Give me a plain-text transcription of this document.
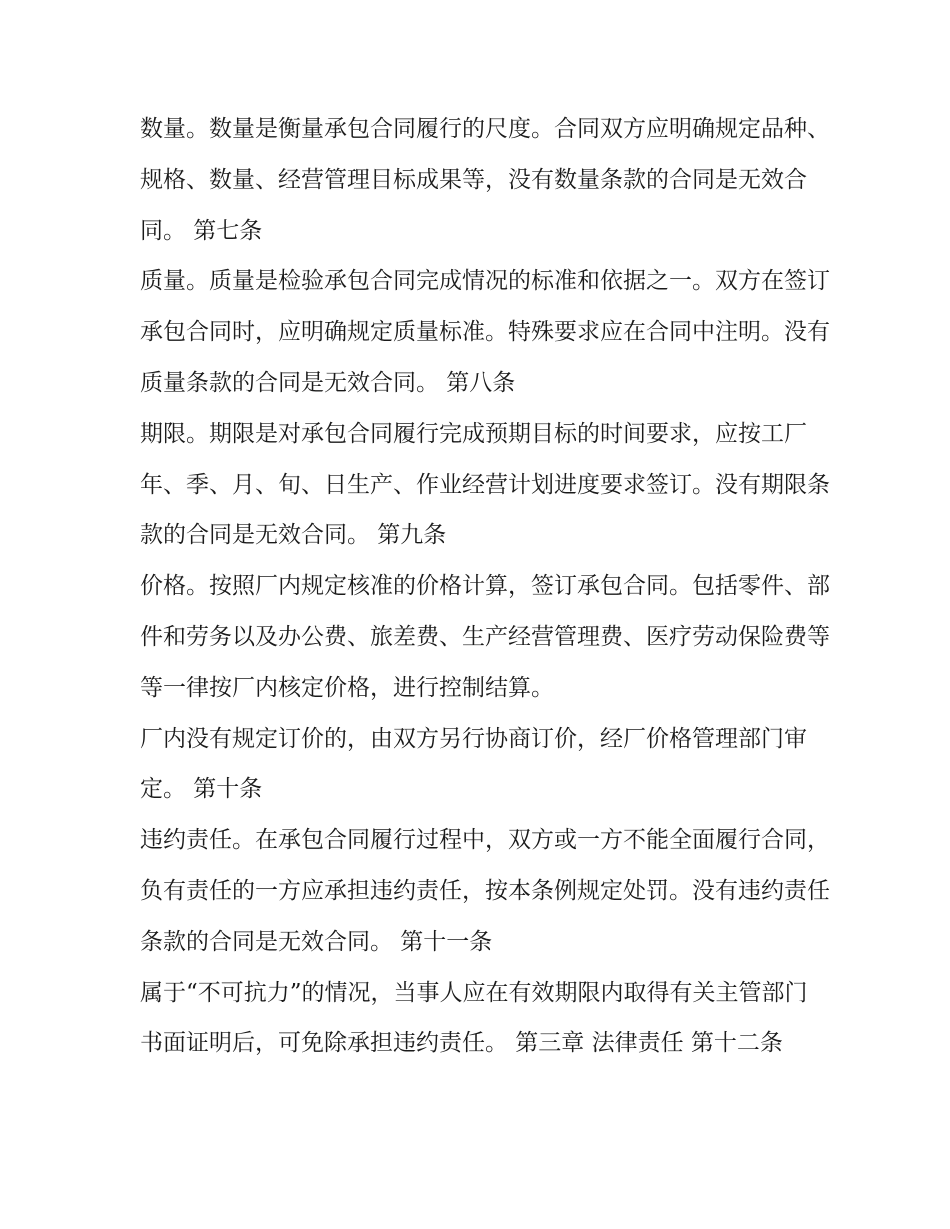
数量。数量是衡量承包合同履行的尺度。合同双方应明确规定品种、规格、数量、经营管理目标成果等，没有数量条款的合同是无效合同。 第七条

质量。质量是检验承包合同完成情况的标准和依据之一。双方在签订承包合同时，应明确规定质量标准。特殊要求应在合同中注明。没有质量条款的合同是无效合同。 第八条

期限。期限是对承包合同履行完成预期目标的时间要求，应按工厂年、季、月、旬、日生产、作业经营计划进度要求签订。没有期限条款的合同是无效合同。 第九条

价格。按照厂内规定核准的价格计算，签订承包合同。包括零件、部件和劳务以及办公费、旅差费、生产经营管理费、医疗劳动保险费等等一律按厂内核定价格，进行控制结算。

厂内没有规定订价的，由双方另行协商订价，经厂价格管理部门审定。 第十条

违约责任。在承包合同履行过程中，双方或一方不能全面履行合同，负有责任的一方应承担违约责任，按本条例规定处罚。没有违约责任条款的合同是无效合同。 第十一条

属于“不可抗力”的情况，当事人应在有效期限内取得有关主管部门书面证明后，可免除承担违约责任。 第三章 法律责任 第十二条
